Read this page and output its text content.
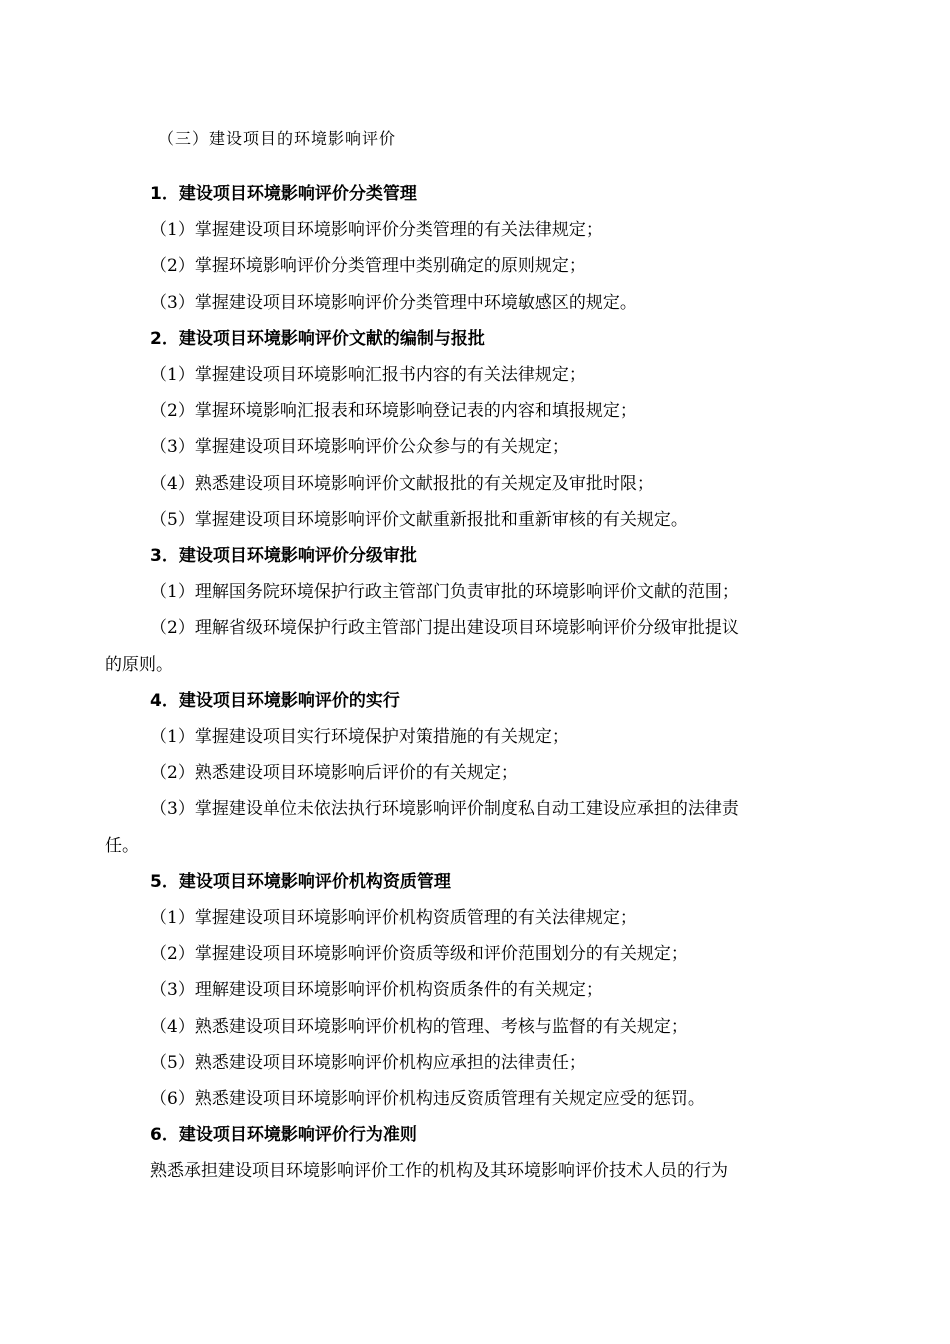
（三）建设项目的环境影响评价
1．建设项目环境影响评价分类管理
（1）掌握建设项目环境影响评价分类管理的有关法律规定；
（2）掌握环境影响评价分类管理中类别确定的原则规定；
（3）掌握建设项目环境影响评价分类管理中环境敏感区的规定。
2．建设项目环境影响评价文献的编制与报批
（1）掌握建设项目环境影响汇报书内容的有关法律规定；
（2）掌握环境影响汇报表和环境影响登记表的内容和填报规定；
（3）掌握建设项目环境影响评价公众参与的有关规定；
（4）熟悉建设项目环境影响评价文献报批的有关规定及审批时限；
（5）掌握建设项目环境影响评价文献重新报批和重新审核的有关规定。
3．建设项目环境影响评价分级审批
（1）理解国务院环境保护行政主管部门负责审批的环境影响评价文献的范围；
（2）理解省级环境保护行政主管部门提出建设项目环境影响评价分级审批提议
的原则。
4．建设项目环境影响评价的实行
（1）掌握建设项目实行环境保护对策措施的有关规定；
（2）熟悉建设项目环境影响后评价的有关规定；
（3）掌握建设单位未依法执行环境影响评价制度私自动工建设应承担的法律责
任。
5．建设项目环境影响评价机构资质管理
（1）掌握建设项目环境影响评价机构资质管理的有关法律规定；
（2）掌握建设项目环境影响评价资质等级和评价范围划分的有关规定；
（3）理解建设项目环境影响评价机构资质条件的有关规定；
（4）熟悉建设项目环境影响评价机构的管理、考核与监督的有关规定；
（5）熟悉建设项目环境影响评价机构应承担的法律责任；
（6）熟悉建设项目环境影响评价机构违反资质管理有关规定应受的惩罚。
6．建设项目环境影响评价行为准则
熟悉承担建设项目环境影响评价工作的机构及其环境影响评价技术人员的行为
